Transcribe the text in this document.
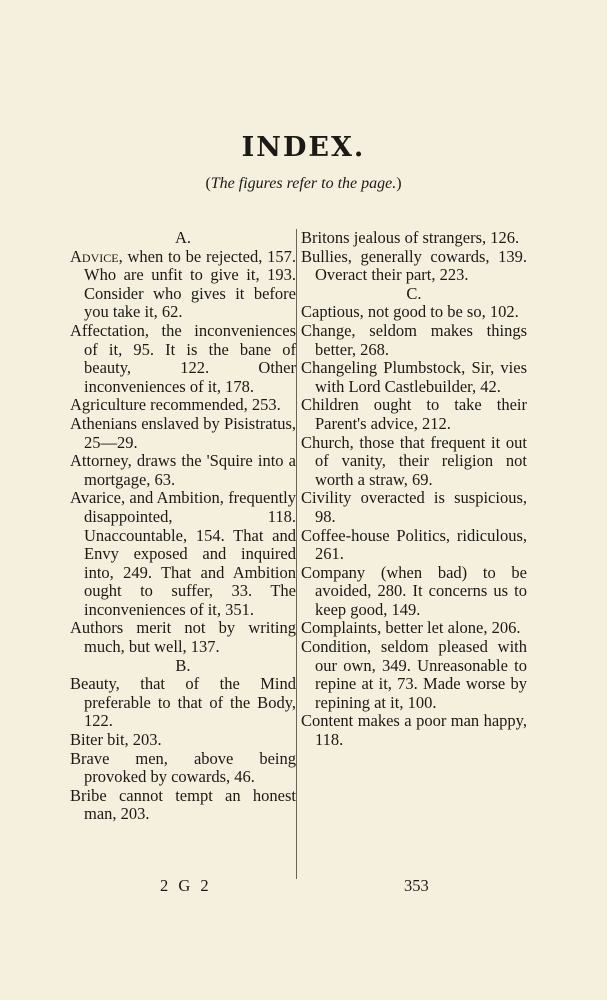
INDEX.
(The figures refer to the page.)

A.

Advice, when to be rejected, 157. Who are unfit to give it, 193. Consider who gives it before you take it, 62.

Affectation, the inconveniences of it, 95. It is the bane of beauty, 122. Other inconveniences of it, 178.

Agriculture recommended, 253.

Athenians enslaved by Pisistratus, 25—29.

Attorney, draws the 'Squire into a mortgage, 63.

Avarice, and Ambition, frequently disappointed, 118. Unaccountable, 154. That and Envy exposed and inquired into, 249. That and Ambition ought to suffer, 33. The inconveniences of it, 351.

Authors merit not by writing much, but well, 137.

B.

Beauty, that of the Mind preferable to that of the Body, 122.

Biter bit, 203.

Brave men, above being provoked by cowards, 46.

Bribe cannot tempt an honest man, 203.

Britons jealous of strangers, 126.

Bullies, generally cowards, 139. Overact their part, 223.

C.

Captious, not good to be so, 102.

Change, seldom makes things better, 268.

Changeling Plumbstock, Sir, vies with Lord Castlebuilder, 42.

Children ought to take their Parent's advice, 212.

Church, those that frequent it out of vanity, their religion not worth a straw, 69.

Civility overacted is suspicious, 98.

Coffee-house Politics, ridiculous, 261.

Company (when bad) to be avoided, 280. It concerns us to keep good, 149.

Complaints, better let alone, 206.

Condition, seldom pleased with our own, 349. Unreasonable to repine at it, 73. Made worse by repining at it, 100.

Content makes a poor man happy, 118.

2 G 2	353
